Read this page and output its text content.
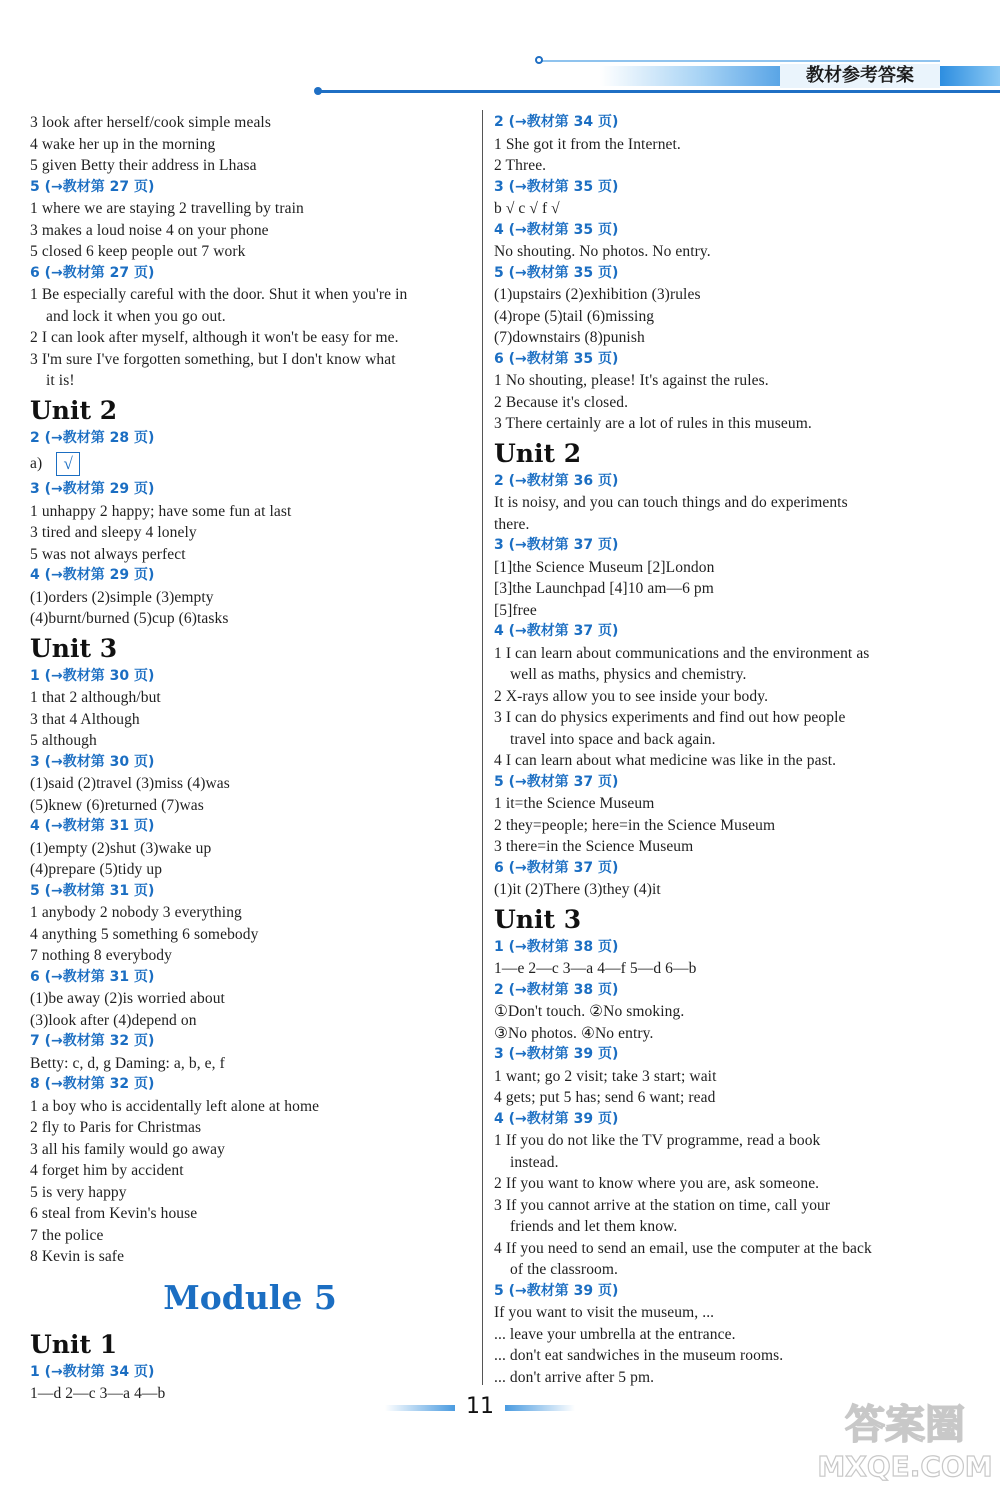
教材参考答案
3 look after herself/cook simple meals
4 wake her up in the morning
5 given Betty their address in Lhasa
5 (→教材第 27 页)
1 where we are staying 2 travelling by train
3 makes a loud noise 4 on your phone
5 closed 6 keep people out 7 work
6 (→教材第 27 页)
1 Be especially careful with the door. Shut it when you're in
and lock it when you go out.
2 I can look after myself, although it won't be easy for me.
3 I'm sure I've forgotten something, but I don't know what
it is!
Unit 2
2 (→教材第 28 页)
a) √
3 (→教材第 29 页)
1 unhappy 2 happy; have some fun at last
3 tired and sleepy 4 lonely
5 was not always perfect
4 (→教材第 29 页)
(1)orders (2)simple (3)empty
(4)burnt/burned (5)cup (6)tasks
Unit 3
1 (→教材第 30 页)
1 that 2 although/but
3 that 4 Although
5 although
3 (→教材第 30 页)
(1)said (2)travel (3)miss (4)was
(5)knew (6)returned (7)was
4 (→教材第 31 页)
(1)empty (2)shut (3)wake up
(4)prepare (5)tidy up
5 (→教材第 31 页)
1 anybody 2 nobody 3 everything
4 anything 5 something 6 somebody
7 nothing 8 everybody
6 (→教材第 31 页)
(1)be away (2)is worried about
(3)look after (4)depend on
7 (→教材第 32 页)
Betty: c, d, g Daming: a, b, e, f
8 (→教材第 32 页)
1 a boy who is accidentally left alone at home
2 fly to Paris for Christmas
3 all his family would go away
4 forget him by accident
5 is very happy
6 steal from Kevin's house
7 the police
8 Kevin is safe
Module 5
Unit 1
1 (→教材第 34 页)
1—d 2—c 3—a 4—b
2 (→教材第 34 页)
1 She got it from the Internet.
2 Three.
3 (→教材第 35 页)
b √ c √ f √
4 (→教材第 35 页)
No shouting. No photos. No entry.
5 (→教材第 35 页)
(1)upstairs (2)exhibition (3)rules
(4)rope (5)tail (6)missing
(7)downstairs (8)punish
6 (→教材第 35 页)
1 No shouting, please! It's against the rules.
2 Because it's closed.
3 There certainly are a lot of rules in this museum.
Unit 2
2 (→教材第 36 页)
It is noisy, and you can touch things and do experiments
there.
3 (→教材第 37 页)
[1]the Science Museum [2]London
[3]the Launchpad [4]10 am—6 pm
[5]free
4 (→教材第 37 页)
1 I can learn about communications and the environment as
well as maths, physics and chemistry.
2 X-rays allow you to see inside your body.
3 I can do physics experiments and find out how people
travel into space and back again.
4 I can learn about what medicine was like in the past.
5 (→教材第 37 页)
1 it=the Science Museum
2 they=people; here=in the Science Museum
3 there=in the Science Museum
6 (→教材第 37 页)
(1)it (2)There (3)they (4)it
Unit 3
1 (→教材第 38 页)
1—e 2—c 3—a 4—f 5—d 6—b
2 (→教材第 38 页)
①Don't touch. ②No smoking.
③No photos. ④No entry.
3 (→教材第 39 页)
1 want; go 2 visit; take 3 start; wait
4 gets; put 5 has; send 6 want; read
4 (→教材第 39 页)
1 If you do not like the TV programme, read a book
instead.
2 If you want to know where you are, ask someone.
3 If you cannot arrive at the station on time, call your
friends and let them know.
4 If you need to send an email, use the computer at the back
of the classroom.
5 (→教材第 39 页)
If you want to visit the museum, ...
... leave your umbrella at the entrance.
... don't eat sandwiches in the museum rooms.
... don't arrive after 5 pm.
11	答案圈
MXQE.COM
